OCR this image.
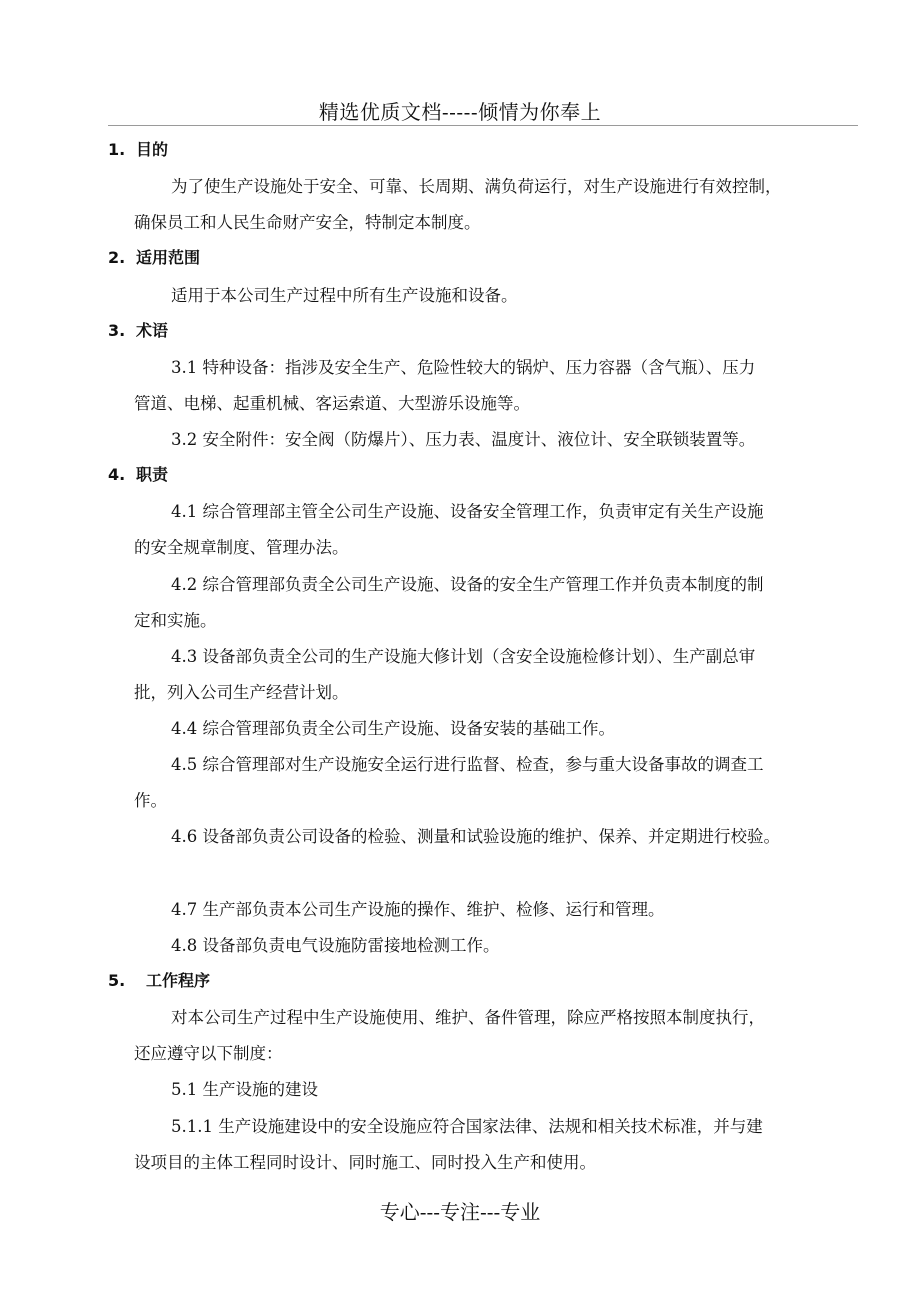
精选优质文档-----倾情为你奉上
1. 目的
为了使生产设施处于安全、可靠、长周期、满负荷运行，对生产设施进行有效控制，
确保员工和人民生命财产安全，特制定本制度。
2. 适用范围
适用于本公司生产过程中所有生产设施和设备。
3. 术语
3.1 特种设备：指涉及安全生产、危险性较大的锅炉、压力容器（含气瓶）、压力
管道、电梯、起重机械、客运索道、大型游乐设施等。
3.2 安全附件：安全阀（防爆片）、压力表、温度计、液位计、安全联锁装置等。
4. 职责
4.1 综合管理部主管全公司生产设施、设备安全管理工作，负责审定有关生产设施
的安全规章制度、管理办法。
4.2 综合管理部负责全公司生产设施、设备的安全生产管理工作并负责本制度的制
定和实施。
4.3 设备部负责全公司的生产设施大修计划（含安全设施检修计划）、生产副总审
批，列入公司生产经营计划。
4.4 综合管理部负责全公司生产设施、设备安装的基础工作。
4.5 综合管理部对生产设施安全运行进行监督、检查，参与重大设备事故的调查工
作。
4.6 设备部负责公司设备的检验、测量和试验设施的维护、保养、并定期进行校验。
4.7 生产部负责本公司生产设施的操作、维护、检修、运行和管理。
4.8 设备部负责电气设施防雷接地检测工作。
5. 工作程序
对本公司生产过程中生产设施使用、维护、备件管理，除应严格按照本制度执行，
还应遵守以下制度：
5.1 生产设施的建设
5.1.1 生产设施建设中的安全设施应符合国家法律、法规和相关技术标准，并与建
设项目的主体工程同时设计、同时施工、同时投入生产和使用。
专心---专注---专业
